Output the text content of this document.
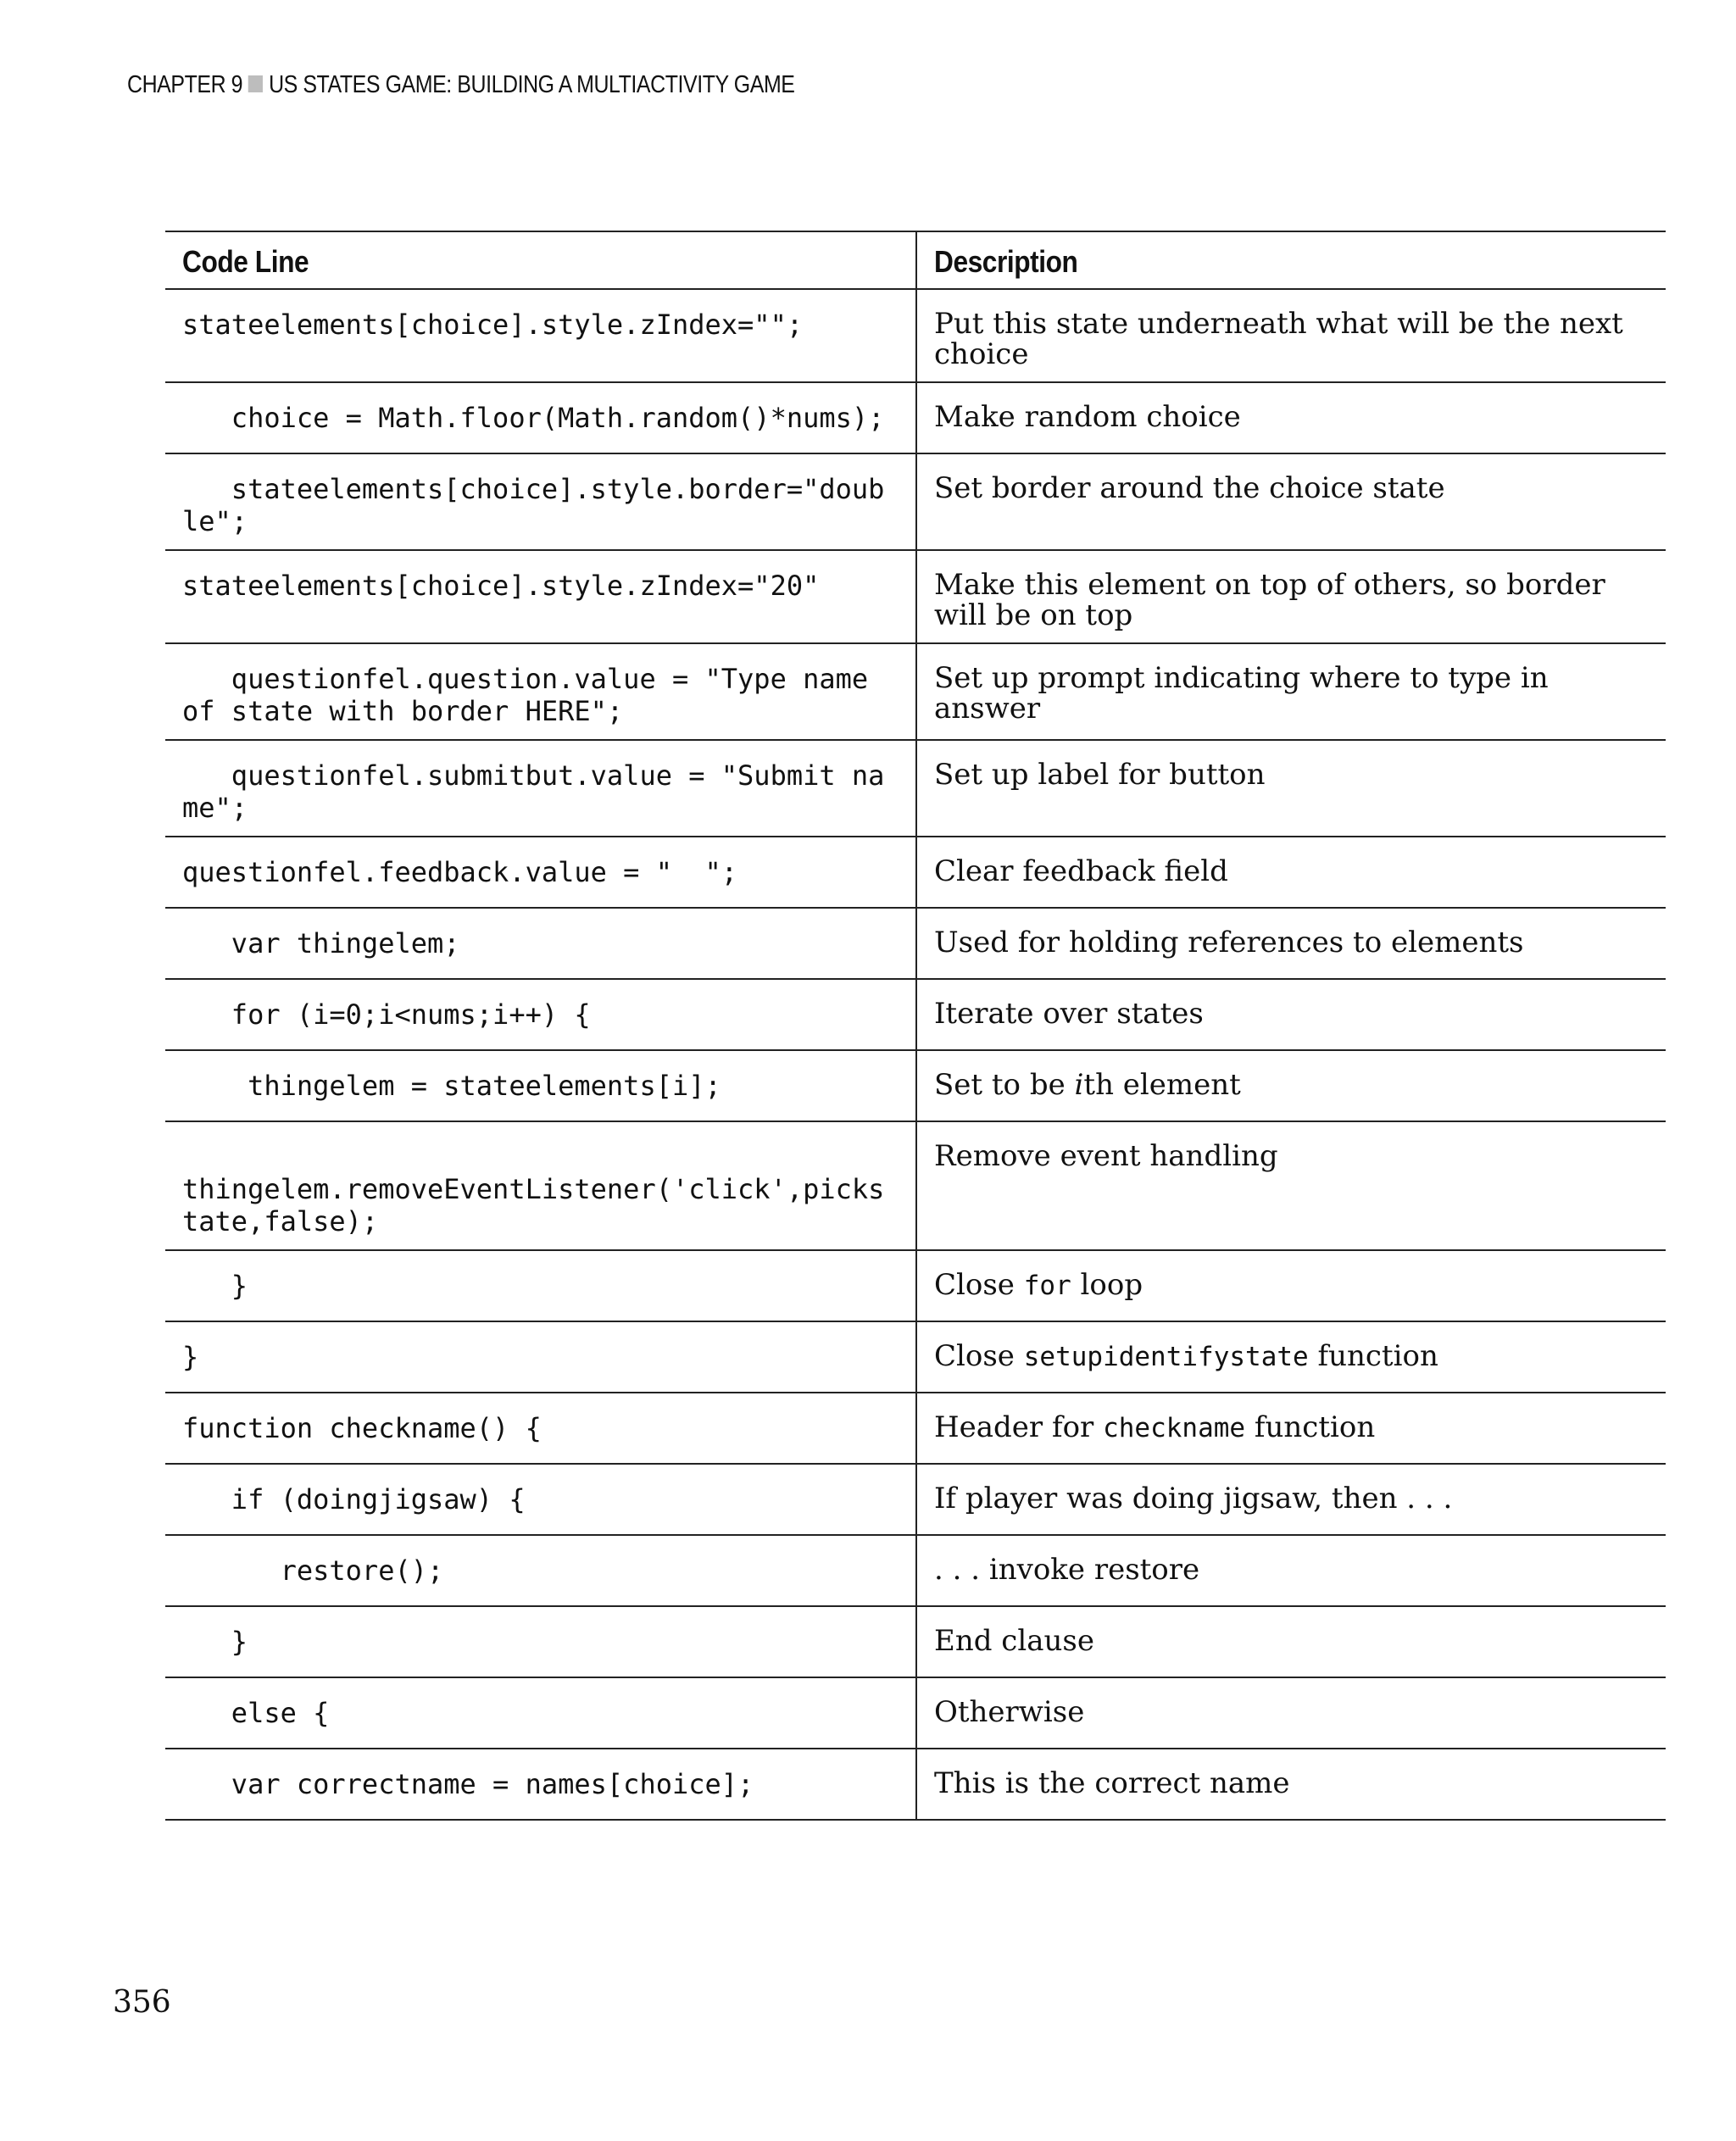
CHAPTER 9 US STATES GAME: BUILDING A MULTIACTIVITY GAME
Code Line	Description
stateelements[choice].style.zIndex="";	Put this state underneath what will be the next choice
choice = Math.floor(Math.random()*nums);	Make random choice
stateelements[choice].style.border="double";	Set border around the choice state
stateelements[choice].style.zIndex="20"	Make this element on top of others, so border will be on top
questionfel.question.value = "Type name of state with border HERE";	Set up prompt indicating where to type in answer
questionfel.submitbut.value = "Submit name";	Set up label for button
questionfel.feedback.value = "  ";	Clear feedback field
var thingelem;	Used for holding references to elements
for (i=0;i<nums;i++) {	Iterate over states
thingelem = stateelements[i];	Set to be ith element

thingelem.removeEventListener('click',pickstate,false);	Remove event handling
}	Close for loop
}	Close setupidentifystate function
function checkname() {	Header for checkname function
if (doingjigsaw) {	If player was doing jigsaw, then . . .
restore();	. . . invoke restore
}	End clause
else {	Otherwise
var correctname = names[choice];	This is the correct name
356
